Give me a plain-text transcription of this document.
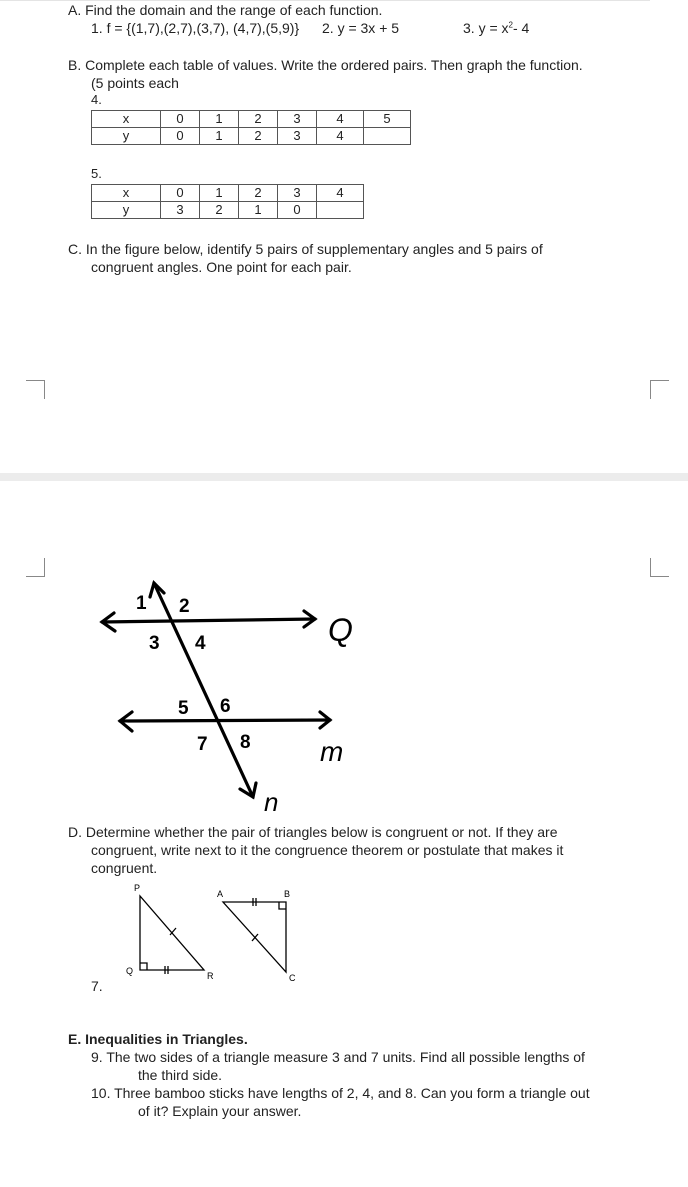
A. Find the domain and the range of each function.
1. f = {(1,7),(2,7),(3,7), (4,7),(5,9)} 2. y = 3x + 5	3. $y = x^2-$ 4
B. Complete each table of values. Write the ordered pairs. Then graph the function.
(5 points each
4.
x	0	1	2	3	4	5
y	0	1	2	3	4	
5.
x	0	1	2	3	4
y	3	2	1	0	
C. In the figure below, identify 5 pairs of supplementary angles and 5 pairs of
congruent angles. One point for each pair.
1 2
3 4
5 6
7 8
Q
m
n
D. Determine whether the pair of triangles below is congruent or not. If they are
congruent, write next to it the congruence theorem or postulate that makes it
congruent.
P
Q	R
A	B
C
7.
E. Inequalities in Triangles.
9. The two sides of a triangle measure 3 and 7 units. Find all possible lengths of
the third side.
10. Three bamboo sticks have lengths of 2, 4, and 8. Can you form a triangle out
of it? Explain your answer.
